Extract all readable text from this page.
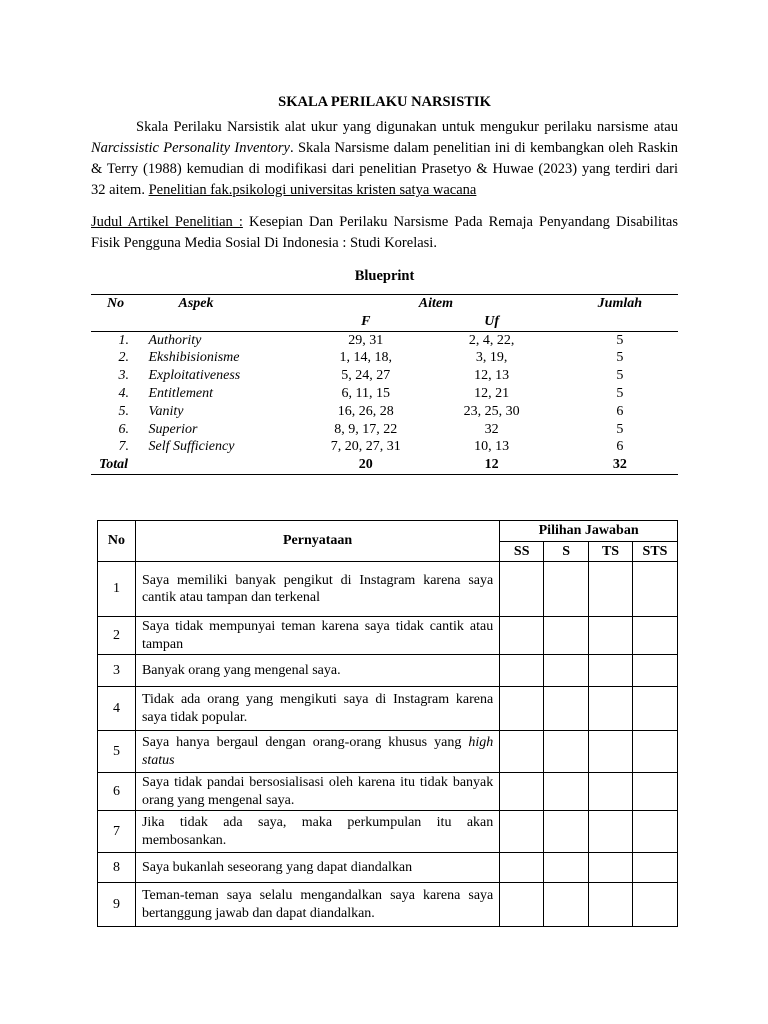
SKALA PERILAKU NARSISTIK

Skala Perilaku Narsistik alat ukur yang digunakan untuk mengukur perilaku narsisme atau Narcissistic Personality Inventory. Skala Narsisme dalam penelitian ini di kembangkan oleh Raskin & Terry (1988) kemudian di modifikasi dari penelitian Prasetyo & Huwae (2023) yang terdiri dari 32 aitem. Penelitian fak.psikologi universitas kristen satya wacana

Judul Artikel Penelitian : Kesepian Dan Perilaku Narsisme Pada Remaja Penyandang Disabilitas Fisik Pengguna Media Sosial Di Indonesia : Studi Korelasi.

Blueprint

No	Aspek	Aitem		Jumlah
		F	Uf	
1.	Authority	29, 31	2, 4, 22,	5
2.	Ekshibisionisme	1, 14, 18,	3, 19,	5
3.	Exploitativeness	5, 24, 27	12, 13	5
4.	Entitlement	6, 11, 15	12, 21	5
5.	Vanity	16, 26, 28	23, 25, 30	6
6.	Superior	8, 9, 17, 22	32	5
7.	Self Sufficiency	7, 20, 27, 31	10, 13	6
Total		20	12	32
No	Pernyataan	Pilihan Jawaban			
		SS	S	TS	STS
1	Saya memiliki banyak pengikut di Instagram karena saya cantik atau tampan dan terkenal				
2	Saya tidak mempunyai teman karena saya tidak cantik atau tampan				
3	Banyak orang yang mengenal saya.				
4	Tidak ada orang yang mengikuti saya di Instagram karena saya tidak popular.				
5	Saya hanya bergaul dengan orang-orang khusus yang high status				
6	Saya tidak pandai bersosialisasi oleh karena itu tidak banyak orang yang mengenal saya.				
7	Jika tidak ada saya, maka perkumpulan itu akan membosankan.				
8	Saya bukanlah seseorang yang dapat diandalkan				
9	Teman-teman saya selalu mengandalkan saya karena saya bertanggung jawab dan dapat diandalkan.				
